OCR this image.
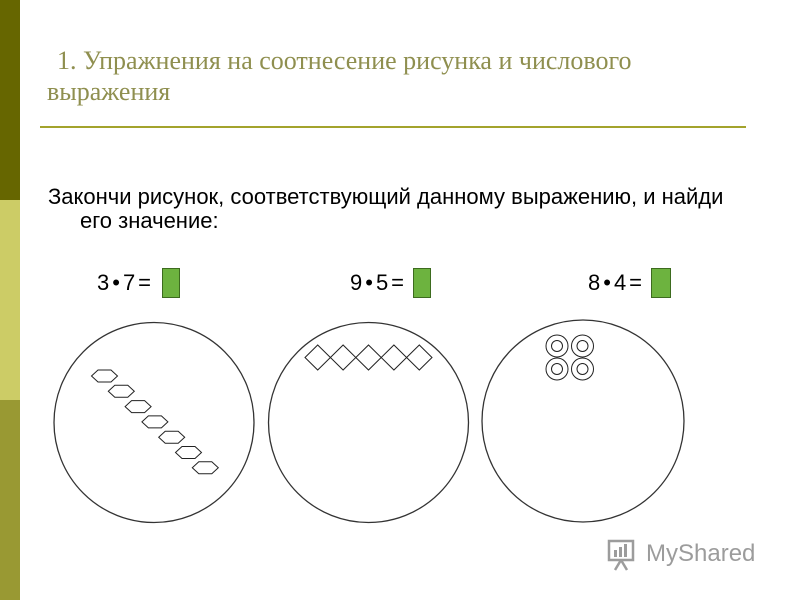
1. Упражнения на соотнесение рисунка и числового
выражения
Закончи рисунок, соответствующий данному выражению, и найди
его значение:
3•7=	9•5=	8•4=
MyShared
